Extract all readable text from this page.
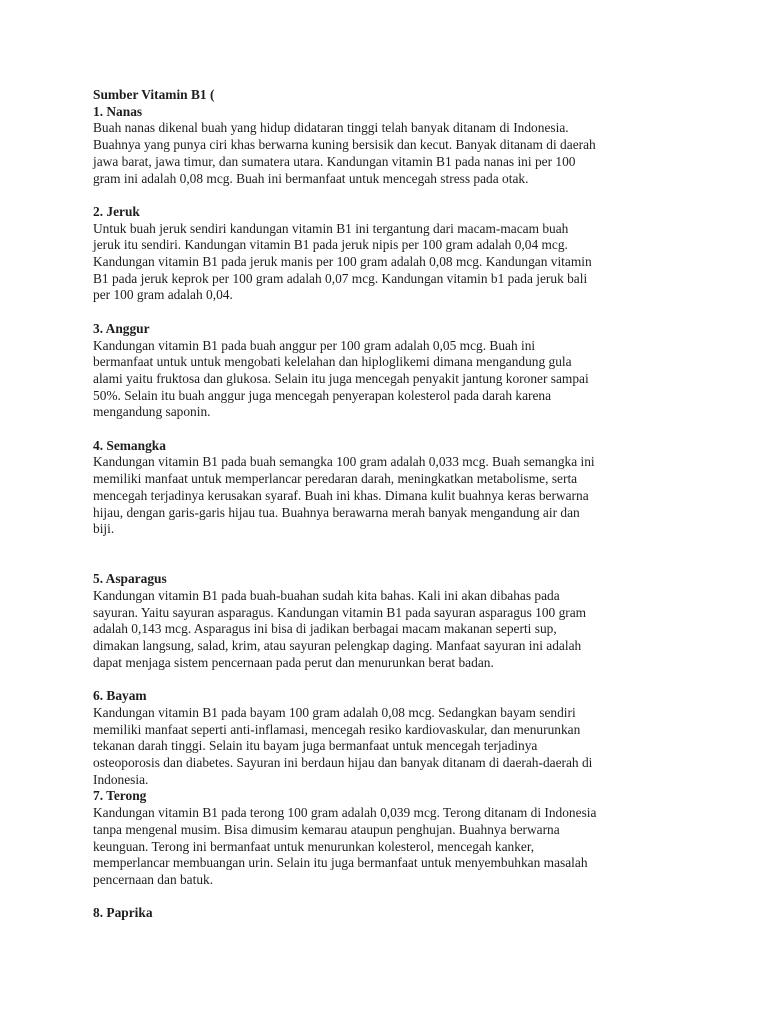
Sumber Vitamin B1 (
1. Nanas
Buah nanas dikenal buah yang hidup didataran tinggi telah banyak ditanam di Indonesia.
Buahnya yang punya ciri khas berwarna kuning bersisik dan kecut. Banyak ditanam di daerah
jawa barat, jawa timur, dan sumatera utara. Kandungan vitamin B1 pada nanas ini per 100
gram ini adalah 0,08 mcg. Buah ini bermanfaat untuk mencegah stress pada otak.
2. Jeruk
Untuk buah jeruk sendiri kandungan vitamin B1 ini tergantung dari macam-macam buah
jeruk itu sendiri. Kandungan vitamin B1 pada jeruk nipis per 100 gram adalah 0,04 mcg.
Kandungan vitamin B1 pada jeruk manis per 100 gram adalah 0,08 mcg. Kandungan vitamin
B1 pada jeruk keprok per 100 gram adalah 0,07 mcg. Kandungan vitamin b1 pada jeruk bali
per 100 gram adalah 0,04.
3. Anggur
Kandungan vitamin B1 pada buah anggur per 100 gram adalah 0,05 mcg. Buah ini
bermanfaat untuk untuk mengobati kelelahan dan hiploglikemi dimana mengandung gula
alami yaitu fruktosa dan glukosa. Selain itu juga mencegah penyakit jantung koroner sampai
50%. Selain itu buah anggur juga mencegah penyerapan kolesterol pada darah karena
mengandung saponin.
4. Semangka
Kandungan vitamin B1 pada buah semangka 100 gram adalah 0,033 mcg. Buah semangka ini
memiliki manfaat untuk memperlancar peredaran darah, meningkatkan metabolisme, serta
mencegah terjadinya kerusakan syaraf. Buah ini khas. Dimana kulit buahnya keras berwarna
hijau, dengan garis-garis hijau tua. Buahnya berawarna merah banyak mengandung air dan
biji.
5. Asparagus
Kandungan vitamin B1 pada buah-buahan sudah kita bahas. Kali ini akan dibahas pada
sayuran. Yaitu sayuran asparagus. Kandungan vitamin B1 pada sayuran asparagus 100 gram
adalah 0,143 mcg. Asparagus ini bisa di jadikan berbagai macam makanan seperti sup,
dimakan langsung, salad, krim, atau sayuran pelengkap daging. Manfaat sayuran ini adalah
dapat menjaga sistem pencernaan pada perut dan menurunkan berat badan.
6. Bayam
Kandungan vitamin B1 pada bayam 100 gram adalah 0,08 mcg. Sedangkan bayam sendiri
memiliki manfaat seperti anti-inflamasi, mencegah resiko kardiovaskular, dan menurunkan
tekanan darah tinggi. Selain itu bayam juga bermanfaat untuk mencegah terjadinya
osteoporosis dan diabetes. Sayuran ini berdaun hijau dan banyak ditanam di daerah-daerah di
Indonesia.
7. Terong
Kandungan vitamin B1 pada terong 100 gram adalah 0,039 mcg. Terong ditanam di Indonesia
tanpa mengenal musim. Bisa dimusim kemarau ataupun penghujan. Buahnya berwarna
keunguan. Terong ini bermanfaat untuk menurunkan kolesterol, mencegah kanker,
memperlancar membuangan urin. Selain itu juga bermanfaat untuk menyembuhkan masalah
pencernaan dan batuk.
8. Paprika
